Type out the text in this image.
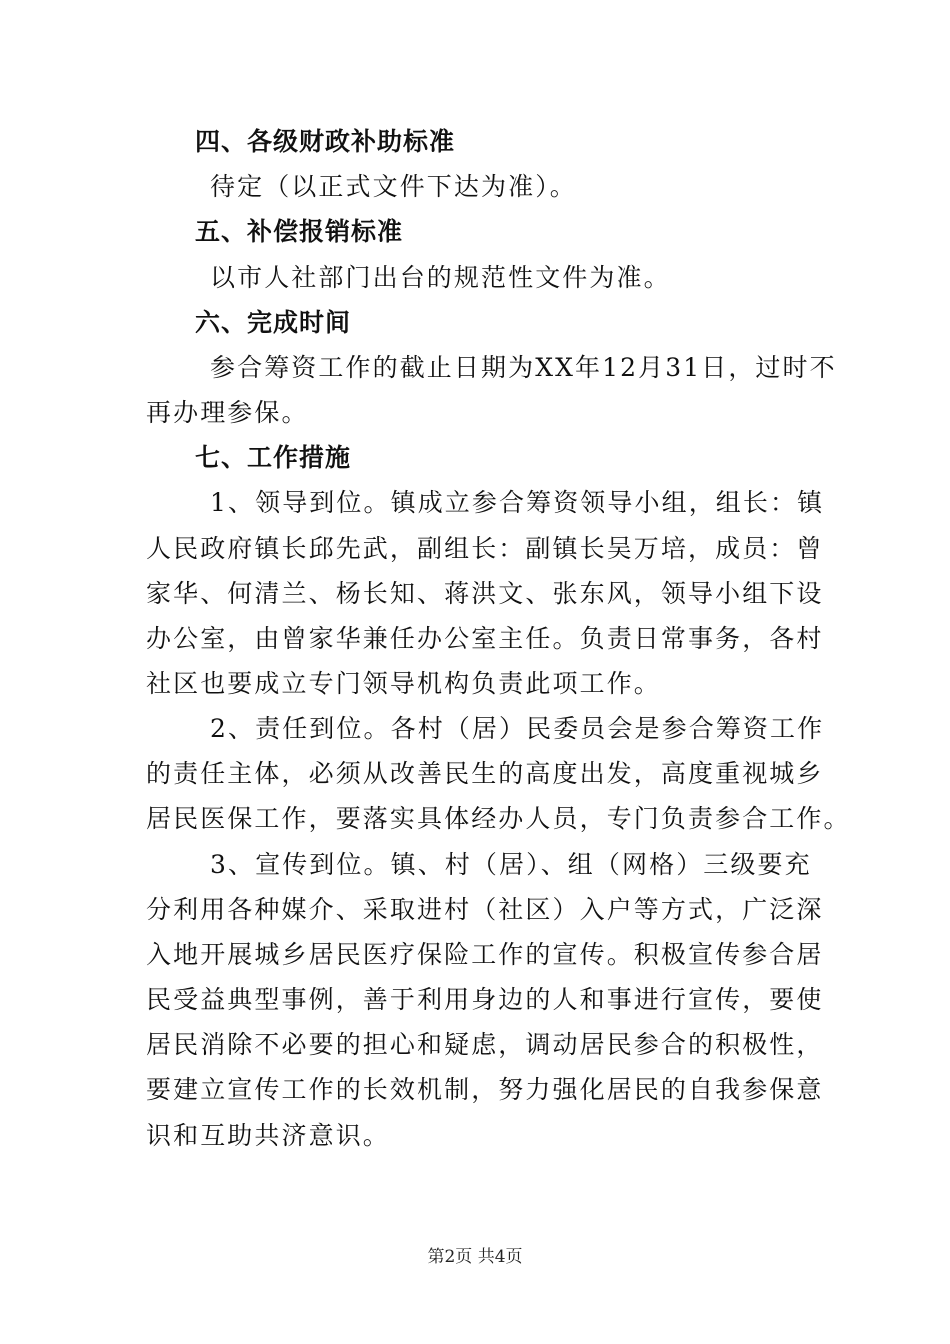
四、各级财政补助标准
待定（以正式文件下达为准）。
五、补偿报销标准
以市人社部门出台的规范性文件为准。
六、完成时间
参合筹资工作的截止日期为XX年12月31日，过时不
再办理参保。
七、工作措施
1、领导到位。镇成立参合筹资领导小组，组长：镇
人民政府镇长邱先武，副组长：副镇长吴万培，成员：曾
家华、何清兰、杨长知、蒋洪文、张东风，领导小组下设
办公室，由曾家华兼任办公室主任。负责日常事务，各村
社区也要成立专门领导机构负责此项工作。
2、责任到位。各村（居）民委员会是参合筹资工作
的责任主体，必须从改善民生的高度出发，高度重视城乡
居民医保工作，要落实具体经办人员，专门负责参合工作。
3、宣传到位。镇、村（居）、组（网格）三级要充
分利用各种媒介、采取进村（社区）入户等方式，广泛深
入地开展城乡居民医疗保险工作的宣传。积极宣传参合居
民受益典型事例，善于利用身边的人和事进行宣传，要使
居民消除不必要的担心和疑虑，调动居民参合的积极性，
要建立宣传工作的长效机制，努力强化居民的自我参保意
识和互助共济意识。
第2页 共4页
